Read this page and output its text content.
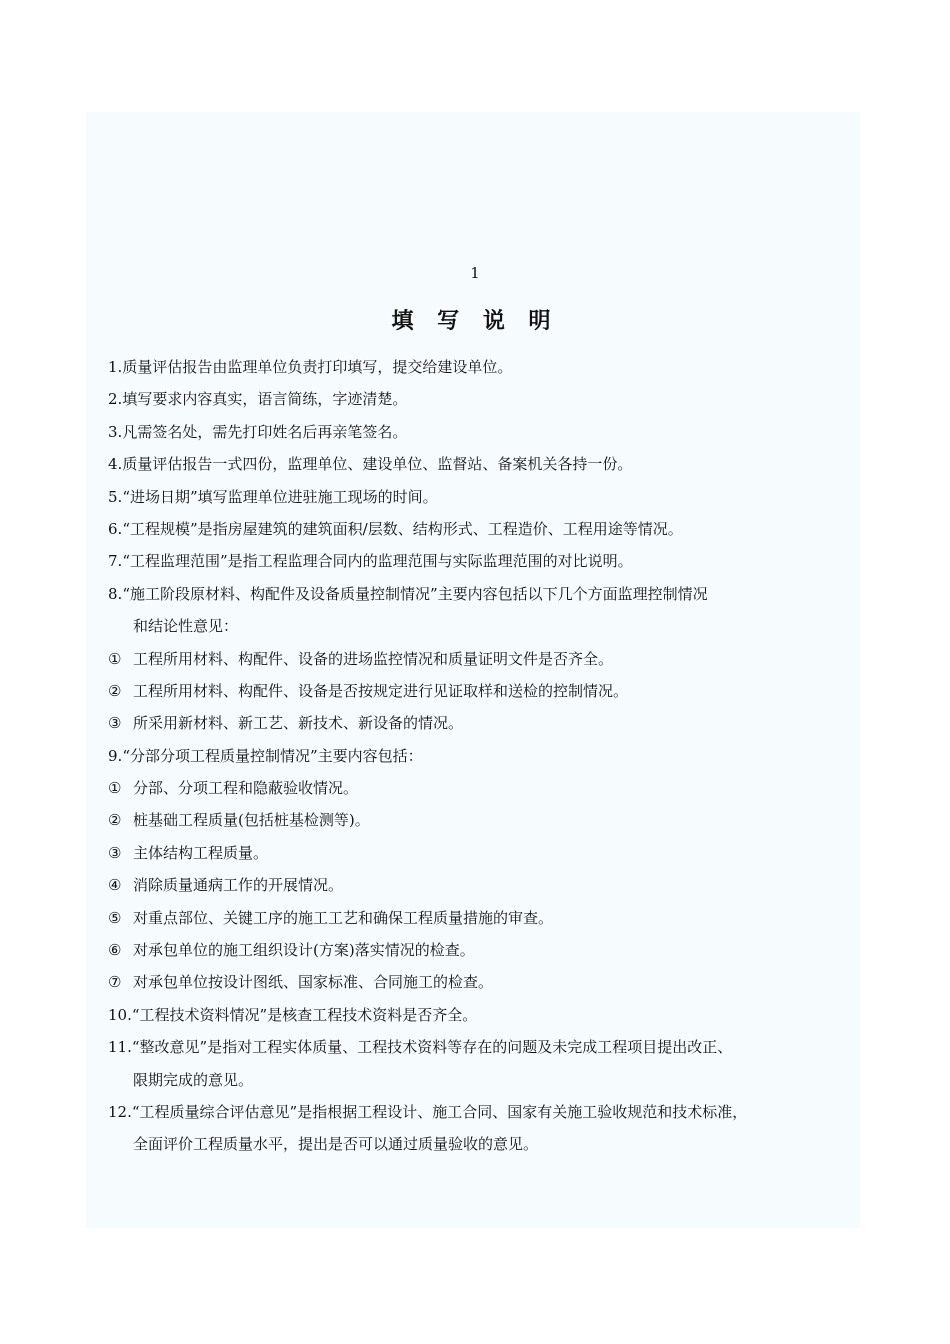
1
填 写 说 明
1.质量评估报告由监理单位负责打印填写，提交给建设单位。
2.填写要求内容真实，语言简练，字迹清楚。
3.凡需签名处，需先打印姓名后再亲笔签名。
4.质量评估报告一式四份，监理单位、建设单位、监督站、备案机关各持一份。
5.“进场日期”填写监理单位进驻施工现场的时间。
6.“工程规模”是指房屋建筑的建筑面积/层数、结构形式、工程造价、工程用途等情况。
7.“工程监理范围”是指工程监理合同内的监理范围与实际监理范围的对比说明。
8.“施工阶段原材料、构配件及设备质量控制情况”主要内容包括以下几个方面监理控制情况
和结论性意见：
① 工程所用材料、构配件、设备的进场监控情况和质量证明文件是否齐全。
② 工程所用材料、构配件、设备是否按规定进行见证取样和送检的控制情况。
③ 所采用新材料、新工艺、新技术、新设备的情况。
9.“分部分项工程质量控制情况”主要内容包括：
① 分部、分项工程和隐蔽验收情况。
② 桩基础工程质量(包括桩基检测等)。
③ 主体结构工程质量。
④ 消除质量通病工作的开展情况。
⑤ 对重点部位、关键工序的施工工艺和确保工程质量措施的审查。
⑥ 对承包单位的施工组织设计(方案)落实情况的检查。
⑦ 对承包单位按设计图纸、国家标准、合同施工的检查。
10.“工程技术资料情况”是核查工程技术资料是否齐全。
11.“整改意见”是指对工程实体质量、工程技术资料等存在的问题及未完成工程项目提出改正、
限期完成的意见。
12.“工程质量综合评估意见”是指根据工程设计、施工合同、国家有关施工验收规范和技术标准，
全面评价工程质量水平，提出是否可以通过质量验收的意见。
